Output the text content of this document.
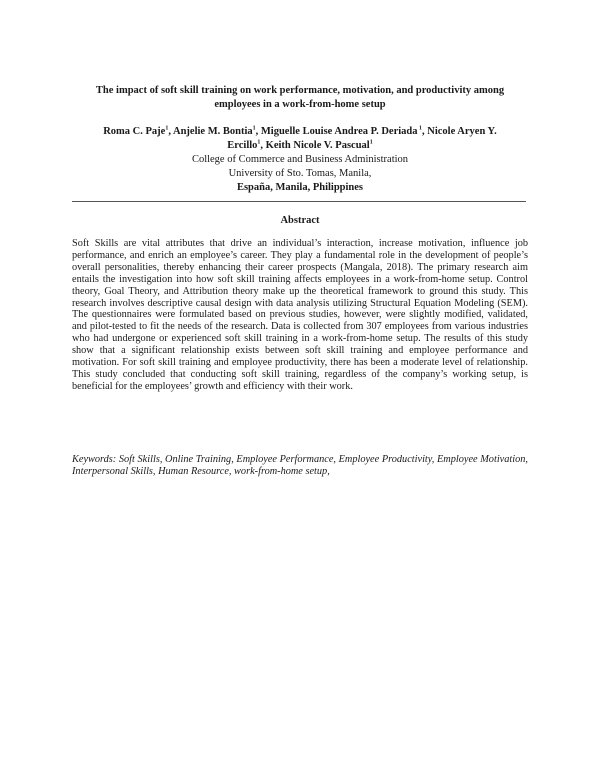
The impact of soft skill training on work performance, motivation, and productivity among
employees in a work-from-home setup
Roma C. Paje$^1$, Anjelie M. Bontia$^1$, Miguelle Louise Andrea P. Deriada $^1$, Nicole Aryen Y.
Ercillo$^1$, Keith Nicole V. Pascual$^1$
College of Commerce and Business Administration
University of Sto. Tomas, Manila,
España, Manila, Philippines
Abstract
Soft Skills are vital attributes that drive an individual’s interaction, increase motivation, influence job performance, and enrich an employee’s career. They play a fundamental role in the development of people’s overall personalities, thereby enhancing their career prospects (Mangala, 2018). The primary research aim entails the investigation into how soft skill training affects employees in a work-from-home setup. Control theory, Goal Theory, and Attribution theory make up the theoretical framework to ground this study. This research involves descriptive causal design with data analysis utilizing Structural Equation Modeling (SEM). The questionnaires were formulated based on previous studies, however, were slightly modified, validated, and pilot-tested to fit the needs of the research. Data is collected from 307 employees from various industries who had undergone or experienced soft skill training in a work-from-home setup. The results of this study show that a significant relationship exists between soft skill training and employee performance and motivation. For soft skill training and employee productivity, there has been a moderate level of relationship. This study concluded that conducting soft skill training, regardless of the company’s working setup, is beneficial for the employees’ growth and efficiency with their work.
Keywords: Soft Skills, Online Training, Employee Performance, Employee Productivity, Employee Motivation, Interpersonal Skills, Human Resource, work-from-home setup,
